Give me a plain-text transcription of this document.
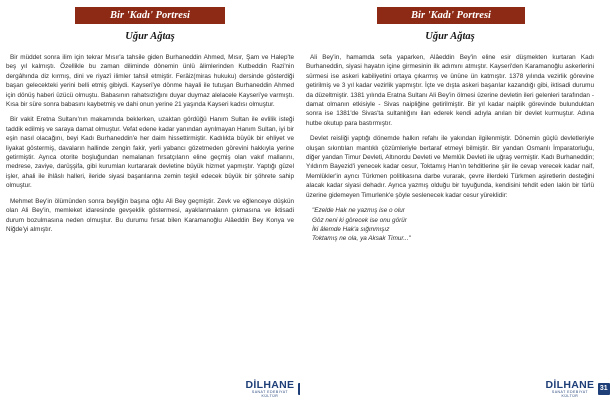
Bir 'Kadı' Portresi
Uğur Ağtaş

Bir müddet sonra ilim için tekrar Mısır'a tahsile giden Burhaneddin Ahmed, Mısır, Şam ve Halep'te beş yıl kalmıştı. Özellikle bu zaman diliminde dönemin ünlü âlimlerinden Kutbeddin Razi'nin dergâhında diz kırmış, dini ve riyazî ilimler tahsil etmiştir. Ferâiz(miras hukuku) dersinde gösterdiği başarı gelecekteki yerini belli etmiş gibiydi. Kayseri'ye dönme hayali ile tutuşan Burhaneddin Ahmed için dönüş haberi üzücü olmuştu. Babasının rahatsızlığını duyar duymaz alelacele Kayseri'ye varmıştı. Kısa bir süre sonra babasını kaybetmiş ve dahi onun yerine 21 yaşında Kayseri kadısı olmuştur.

Bir vakit Eretna Sultanı'nın makamında beklerken, uzaktan gördüğü Hanım Sultan ile evlilik isteği taddik edilmiş ve saraya damat olmuştur. Vefat edene kadar yanından ayrılmayan Hanım Sultan, iyi bir eşin nasıl olacağını, beyi Kadı Burhaneddin'e her daim hissettirmiştir. Kadılıkta büyük bir ehliyet ve liyakat göstermiş, davaların hallinde zengin fakir, yerli yabancı gözetmeden görevini hakkıyla yerine getirmiştir. Ayrıca otorite boşluğundan nemalanan fırsatçıların eline geçmiş olan vakıf mallarını, medrese, zaviye, darüşşifa, gibi kurumları kurtararak devletine büyük hizmet yapmıştır. Yaptığı güzel işler, ahali ile ihlâslı halleri, ileride siyasi başarılarına zemin teşkil edecek büyük bir şöhrete sahip olmuştur.

Mehmet Bey'in ölümünden sonra beyliğin başına oğlu Ali Bey geçmiştir. Zevk ve eğlenceye düşkün olan Ali Bey'in, memleket idaresinde gevşeklik göstermesi, ayaklanmaların çıkmasına ve iktisadi durum bozulmasına neden olmuştur. Bu durumu fırsat bilen Karamanoğlu Alâeddin Bey Konya ve Niğde'yi almıştır.

DİLHANE
SANAT EDEBİYAT KÜLTÜR
Bir 'Kadı' Portresi
Uğur Ağtaş

Ali Bey'in, hamamda sefa yaparken, Alâeddin Bey'in eline esir düşmekten kurtaran Kadı Burhaneddin, siyasi hayatın içine girmesinin ilk adımını atmıştır. Kayseri'den Karamanoğlu askerlerini sürmesi ise askeri kabiliyetini ortaya çıkarmış ve ününe ün katmıştır. 1378 yılında vezirlik görevine getirilmiş ve 3 yıl kadar vezirlik yapmıştır. İçte ve dışta askeri başarılar kazandığı gibi, iktisadi durumu da düzeltmiştir. 1381 yılında Eratna Sultanı Ali Bey'in ölmesi üzerine devletin ileri gelenleri tarafından - damat olmanın etkisiyle - Sivas naipliğine getirilmiştir. Bir yıl kadar naiplik görevinde bulunduktan sonra ise 1381'de Sivas'ta sultanlığını ilan ederek kendi adıyla anılan bir devlet kurmuştur. Adına hutbe okutup para bastırmıştır.

Devlet reisliği yaptığı dönemde halkın refahı ile yakından ilgilenmiştir. Dönemin güçlü devletleriyle oluşan sıkıntıları mantıklı çözümleriyle bertaraf etmeyi bilmiştir. Bir yandan Osmanlı İmparatorluğu, diğer yandan Timur Devleti, Altınordu Devleti ve Memlûk Devleti ile uğraş vermiştir. Kadı Burhaneddin; Yıldırım Bayezid'i yenecek kadar cesur, Toktamış Han'ın tehditlerine şiir ile cevap verecek kadar naif, Memlükler'in ayrıcı Türkmen politikasına darbe vurarak, çevre illerdeki Türkmen aşiretlerin desteğini alacak kadar siyasi dehadır. Ayrıca yazmış olduğu bir tuyuğunda, kendisini tehdit eden lakin bir türlü üzerine gidemeyen Timurlenk'e şöyle seslenecek kadar cesur yüreklidir:

"Ezelde Hak ne yazmış ise o olur
Göz neni ki görecek ise onu görür
İki âlemde Hak'a sığınmışız
Toktamış ne ola, ya Aksak Timur..."

DİLHANE
SANAT EDEBİYAT KÜLTÜR
31
